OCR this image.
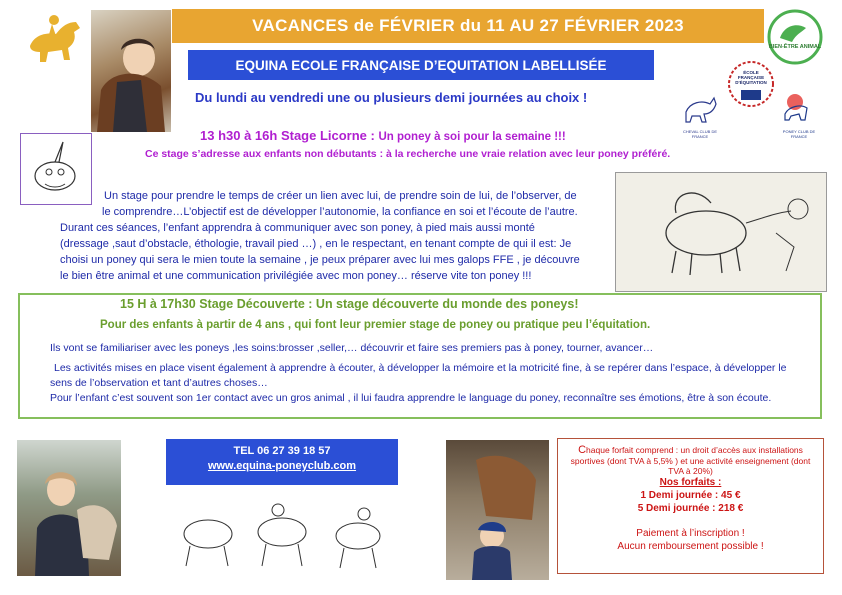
VACANCES de FÉVRIER du 11 AU 27 FÉVRIER 2023
BIEN-ÊTRE ANIMAL
EQUINA ECOLE FRANÇAISE D’EQUITATION LABELLISÉE
Du lundi au vendredi une ou plusieurs demi journées au choix !
CHEVAL CLUB DE FRANCE
ÉCOLE FRANÇAISE D'ÉQUITATION
PONEY CLUB DE FRANCE
13 h30 à 16h Stage Licorne : Un poney à soi pour la semaine !!!
Ce stage s’adresse aux enfants non débutants : à la recherche une vraie relation avec leur poney préféré.
Un stage pour prendre le temps de créer un lien avec lui, de prendre soin de lui, de l’observer, de
le comprendre…L’objectif est de développer l’autonomie, la confiance en soi et l’écoute de l’autre.
Durant ces séances, l’enfant apprendra à communiquer avec son poney, à pied mais aussi monté
(dressage ,saut d’obstacle, éthologie, travail pied …) , en le respectant, en tenant compte de qui il est: Je
choisi un poney qui sera le mien toute la semaine , je peux préparer avec lui mes galops FFE , je découvre
le bien être animal et une communication privilégiée avec mon poney… réserve vite ton poney !!!
15 H à 17h30 Stage Découverte : Un stage découverte du monde des poneys!
Pour des enfants à partir de 4 ans , qui font leur premier stage de poney ou pratique peu l’équitation.

Ils vont se familiariser avec les poneys ,les soins:brosser ,seller,… découvrir et faire ses premiers pas à poney, tourner, avancer…

Les activités mises en place visent également à apprendre à écouter, à développer la mémoire et la motricité fine, à se repérer dans l’espace, à développer le

sens de l’observation et tant d’autres choses…

Pour l’enfant c’est souvent son 1er contact avec un gros animal , il lui faudra apprendre le language du poney, reconnaître ses émotions, être à son écoute.

TEL 06 27 39 18 57
www.equina-poneyclub.com
Chaque forfait comprend : un droit d’accès aux installations sportives (dont TVA à 5,5% ) et une activité enseignement (dont TVA à 20%)
Nos forfaits :
1 Demi journée : 45 €
5 Demi journée : 218 €
Paiement à l’inscription !
Aucun remboursement possible !
